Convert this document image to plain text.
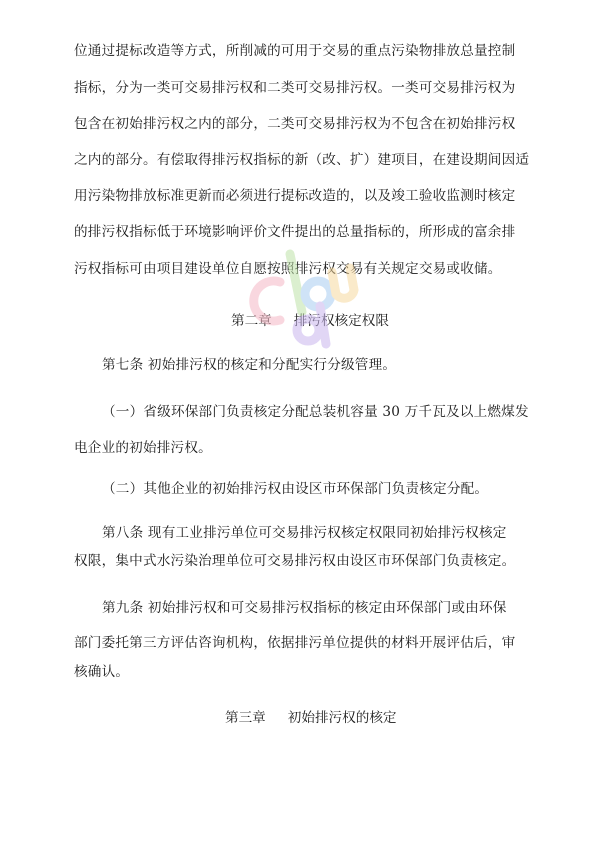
位通过提标改造等方式，所削减的可用于交易的重点污染物排放总量控制
指标，分为一类可交易排污权和二类可交易排污权。一类可交易排污权为
包含在初始排污权之内的部分，二类可交易排污权为不包含在初始排污权
之内的部分。有偿取得排污权指标的新（改、扩）建项目，在建设期间因适
用污染物排放标准更新而必须进行提标改造的，以及竣工验收监测时核定
的排污权指标低于环境影响评价文件提出的总量指标的，所形成的富余排
污权指标可由项目建设单位自愿按照排污权交易有关规定交易或收储。
第二章 排污权核定权限
第七条 初始排污权的核定和分配实行分级管理。
（一）省级环保部门负责核定分配总装机容量 30 万千瓦及以上燃煤发
电企业的初始排污权。
（二）其他企业的初始排污权由设区市环保部门负责核定分配。
第八条 现有工业排污单位可交易排污权核定权限同初始排污权核定
权限，集中式水污染治理单位可交易排污权由设区市环保部门负责核定。
第九条 初始排污权和可交易排污权指标的核定由环保部门或由环保
部门委托第三方评估咨询机构，依据排污单位提供的材料开展评估后，审
核确认。
第三章 初始排污权的核定
